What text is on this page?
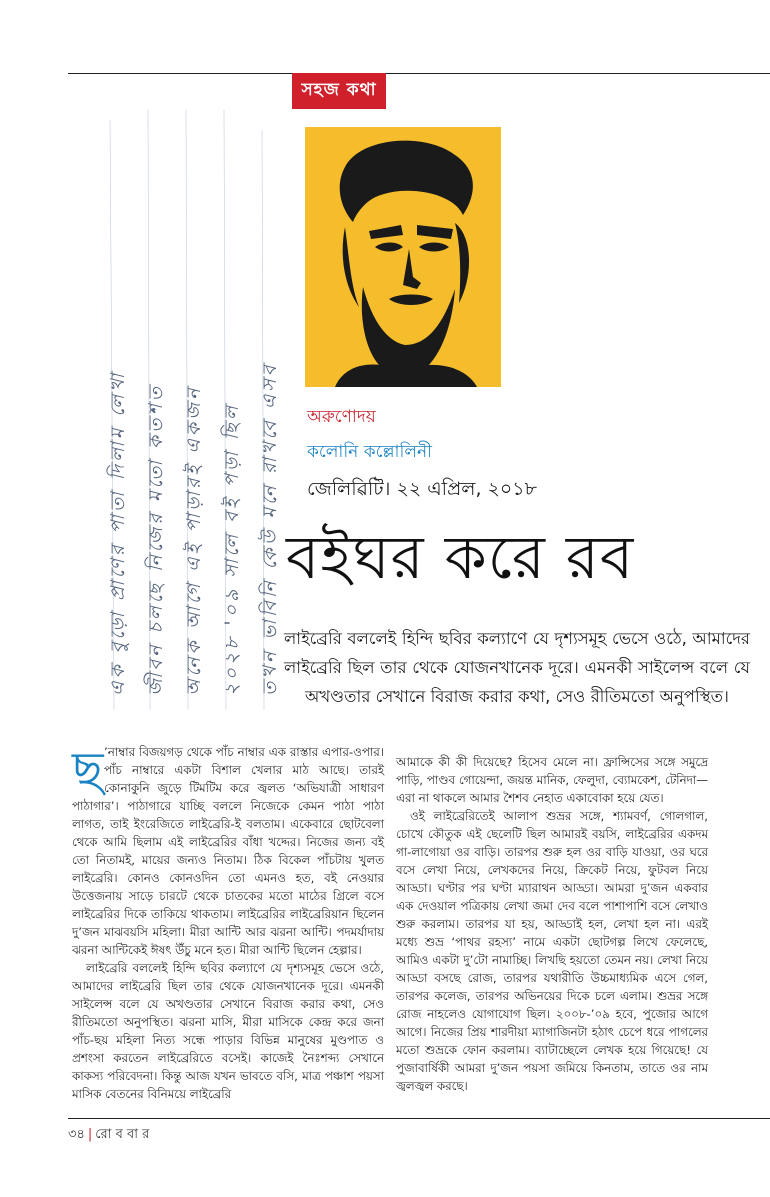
সহজ কথা
এক বুড়ো প্রাণের পাতা দিলাম লেখা জীবন চলছে নিজের মতো কতশত অনেক আগে এই পাড়ারই একজন ২০২৮ '০৯ সালে বই পড়া ছিল তখন ভাবিনি কেউ মনে রাখবে এসব	অরুণোদয়
কলোনি কল্লোলিনী
জেলিৱিটি। ২২ এপ্রিল, ২০১৮
বইঘর করে রব
লাইব্রেরি বললেই হিন্দি ছবির কল্যাণে যে দৃশ্যসমূহ ভেসে ওঠে, আমাদের লাইব্রেরি ছিল তার থেকে যোজনখানেক দূরে। এমনকী সাইলেন্স বলে যে অখণ্ডতার সেখানে বিরাজ করার কথা, সেও রীতিমতো অনুপস্থিত।

ছ ’নাম্বার বিজয়গড় থেকে পাঁচ নাম্বার এক রাস্তার এপার-ওপার। পাঁচ নাম্বারে একটা বিশাল খেলার মাঠ আছে। তারই কোনাকুনি জুড়ে টিমটিম করে জ্বলত ‘অভিযাত্রী সাধারণ পাঠাগার’। পাঠাগারে যাচ্ছি বললে নিজেকে কেমন পাঠা পাঠা লাগত, তাই ইংরেজিতে লাইব্রেরি-ই বলতাম। একেবারে ছোটবেলা থেকে আমি ছিলাম এই লাইব্রেরির বাঁধা খদ্দের। নিজের জন্য বই তো নিতামই, মায়ের জন্যও নিতাম। ঠিক বিকেল পাঁচটায় খুলত লাইব্রেরি। কোনও কোনওদিন তো এমনও হত, বই নেওয়ার উত্তেজনায় সাড়ে চারটে থেকে চাতকের মতো মাঠের গ্রিলে বসে লাইব্রেরির দিকে তাকিয়ে থাকতাম। লাইব্রেরির লাইব্রেরিয়ান ছিলেন দু’জন মাঝবয়সি মহিলা। মীরা আন্টি আর ঝরনা আন্টি। পদমর্যাদায় ঝরনা আন্টিকেই ঈষৎ উঁচু মনে হত। মীরা আন্টি ছিলেন হেল্পার।

লাইব্রেরি বললেই হিন্দি ছবির কল্যাণে যে দৃশ্যসমূহ ভেসে ওঠে, আমাদের লাইব্রেরি ছিল তার থেকে যোজনখানেক দূরে। এমনকী সাইলেন্স বলে যে অখণ্ডতার সেখানে বিরাজ করার কথা, সেও রীতিমতো অনুপস্থিত। ঝরনা মাসি, মীরা মাসিকে কেন্দ্র করে জনা পাঁচ-ছয় মহিলা নিত্য সন্ধে পাড়ার বিভিন্ন মানুষের মুণ্ডপাত ও প্রশংসা করতেন লাইব্রেরিতে বসেই। কাজেই নৈঃশব্দ্য সেখানে কাকস্য পরিবেদনা। কিন্তু আজ যখন ভাবতে বসি, মাত্র পঞ্চাশ পয়সা মাসিক বেতনের বিনিময়ে লাইব্রেরি

আমাকে কী কী দিয়েছে? হিসেব মেলে না। ফ্রান্সিসের সঙ্গে সমুদ্রে পাড়ি, পাণ্ডব গোয়েন্দা, জয়ন্ত মানিক, ফেলুদা, ব্যোমকেশ, টেনিদা— এরা না থাকলে আমার শৈশব নেহাত একাবোকা হয়ে যেত।

ওই লাইব্রেরিতেই আলাপ শুভ্রর সঙ্গে, শ্যামবর্ণ, গোলগাল, চোখে কৌতুক এই ছেলেটি ছিল আমারই বয়সি, লাইব্রেরির একদম গা-লাগোয়া ওর বাড়ি। তারপর শুরু হল ওর বাড়ি যাওয়া, ওর ঘরে বসে লেখা নিয়ে, লেখকদের নিয়ে, ক্রিকেট নিয়ে, ফুটবল নিয়ে আড্ডা। ঘণ্টার পর ঘণ্টা ম্যারাথন আড্ডা। আমরা দু’জন একবার এক দেওয়াল পত্রিকায় লেখা জমা দেব বলে পাশাপাশি বসে লেখাও শুরু করলাম। তারপর যা হয়, আড্ডাই হল, লেখা হল না। এরই মধ্যে শুভ্র ‘পাথর রহস্য’ নামে একটা ছোটগল্প লিখে ফেলেছে, আমিও একটা দু’টো নামাচ্ছি। লিখছি হয়তো তেমন নয়। লেখা নিয়ে আড্ডা বসছে রোজ, তারপর যথারীতি উচ্চমাধ্যমিক এসে গেল, তারপর কলেজ, তারপর অভিনয়ের দিকে চলে এলাম। শুভ্রর সঙ্গে রোজ নাহলেও যোগাযোগ ছিল। ২০০৮-’০৯ হবে, পুজোর আগে আগে। নিজের প্রিয় শারদীয়া ম্যাগাজিনটা হঠাৎ চেপে ধরে পাগলের মতো শুভ্রকে ফোন করলাম। ব্যাটাচ্ছেলে লেখক হয়ে গিয়েছে! যে পুজাবার্ষিকী আমরা দু’জন পয়সা জমিয়ে কিনতাম, তাতে ওর নাম জ্বলজ্বল করছে।

৩৪ | রো ব বা র
